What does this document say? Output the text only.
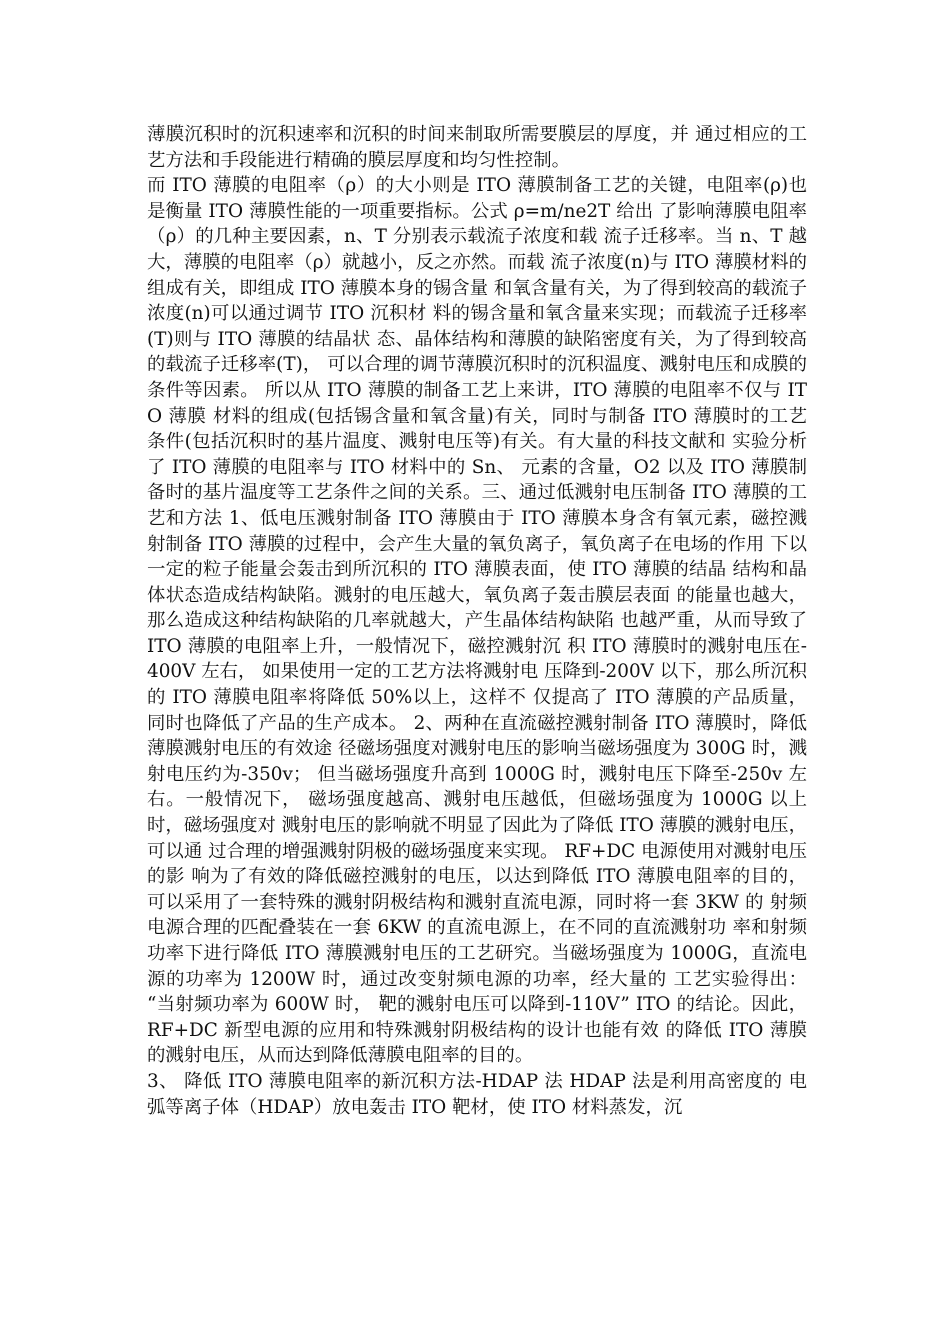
薄膜沉积时的沉积速率和沉积的时间来制取所需要膜层的厚度，并 通过相应的工艺方法和手段能进行精确的膜层厚度和均匀性控制。

而 ITO 薄膜的电阻率（ρ）的大小则是 ITO 薄膜制备工艺的关键，电阻率(ρ)也是衡量 ITO 薄膜性能的一项重要指标。公式 ρ=m/ne2T 给出 了影响薄膜电阻率（ρ）的几种主要因素，n、T 分别表示载流子浓度和载 流子迁移率。当 n、T 越大，薄膜的电阻率（ρ）就越小，反之亦然。而载 流子浓度(n)与 ITO 薄膜材料的组成有关，即组成 ITO 薄膜本身的锡含量 和氧含量有关，为了得到较高的载流子浓度(n)可以通过调节 ITO 沉积材 料的锡含量和氧含量来实现；而载流子迁移率(T)则与 ITO 薄膜的结晶状 态、晶体结构和薄膜的缺陷密度有关，为了得到较高的载流子迁移率(T)， 可以合理的调节薄膜沉积时的沉积温度、溅射电压和成膜的条件等因素。 所以从 ITO 薄膜的制备工艺上来讲，ITO 薄膜的电阻率不仅与 ITO 薄膜 材料的组成(包括锡含量和氧含量)有关，同时与制备 ITO 薄膜时的工艺 条件(包括沉积时的基片温度、溅射电压等)有关。有大量的科技文献和 实验分析了 ITO 薄膜的电阻率与 ITO 材料中的 Sn、 元素的含量，O2 以及 ITO 薄膜制备时的基片温度等工艺条件之间的关系。三、通过低溅射电压制备 ITO 薄膜的工艺和方法 1、低电压溅射制备 ITO 薄膜由于 ITO 薄膜本身含有氧元素，磁控溅射制备 ITO 薄膜的过程中，会产生大量的氧负离子，氧负离子在电场的作用 下以一定的粒子能量会轰击到所沉积的 ITO 薄膜表面，使 ITO 薄膜的结晶 结构和晶体状态造成结构缺陷。溅射的电压越大，氧负离子轰击膜层表面 的能量也越大，那么造成这种结构缺陷的几率就越大，产生晶体结构缺陷 也越严重，从而导致了 ITO 薄膜的电阻率上升，一般情况下，磁控溅射沉 积 ITO 薄膜时的溅射电压在-400V 左右， 如果使用一定的工艺方法将溅射电 压降到-200V 以下，那么所沉积的 ITO 薄膜电阻率将降低 50%以上，这样不 仅提高了 ITO 薄膜的产品质量，同时也降低了产品的生产成本。 2、两种在直流磁控溅射制备 ITO 薄膜时，降低薄膜溅射电压的有效途 径磁场强度对溅射电压的影响当磁场强度为 300G 时，溅射电压约为-350v； 但当磁场强度升高到 1000G 时，溅射电压下降至-250v 左右。一般情况下， 磁场强度越高、溅射电压越低，但磁场强度为 1000G 以上时，磁场强度对 溅射电压的影响就不明显了因此为了降低 ITO 薄膜的溅射电压，可以通 过合理的增强溅射阴极的磁场强度来实现。 RF+DC 电源使用对溅射电压的影 响为了有效的降低磁控溅射的电压，以达到降低 ITO 薄膜电阻率的目的， 可以采用了一套特殊的溅射阴极结构和溅射直流电源，同时将一套 3KW 的 射频电源合理的匹配叠装在一套 6KW 的直流电源上，在不同的直流溅射功 率和射频功率下进行降低 ITO 薄膜溅射电压的工艺研究。当磁场强度为 1000G，直流电源的功率为 1200W 时，通过改变射频电源的功率，经大量的 工艺实验得出： “当射频功率为 600W 时， 靶的溅射电压可以降到-110V” ITO 的结论。因此，RF+DC 新型电源的应用和特殊溅射阴极结构的设计也能有效 的降低 ITO 薄膜的溅射电压，从而达到降低薄膜电阻率的目的。

3、 降低 ITO 薄膜电阻率的新沉积方法-HDAP 法 HDAP 法是利用高密度的 电弧等离子体（HDAP）放电轰击 ITO 靶材，使 ITO 材料蒸发，沉
